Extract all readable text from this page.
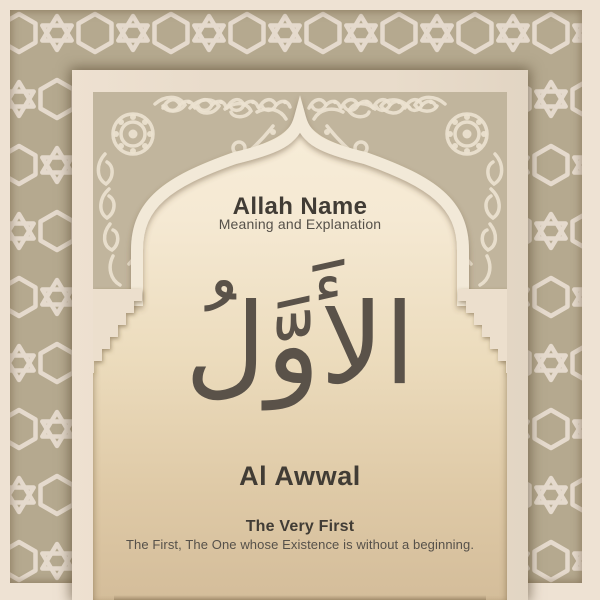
Allah Name
Meaning and Explanation
الأَوَّلُ
Al Awwal
The Very First
The First, The One whose Existence is without a beginning.
